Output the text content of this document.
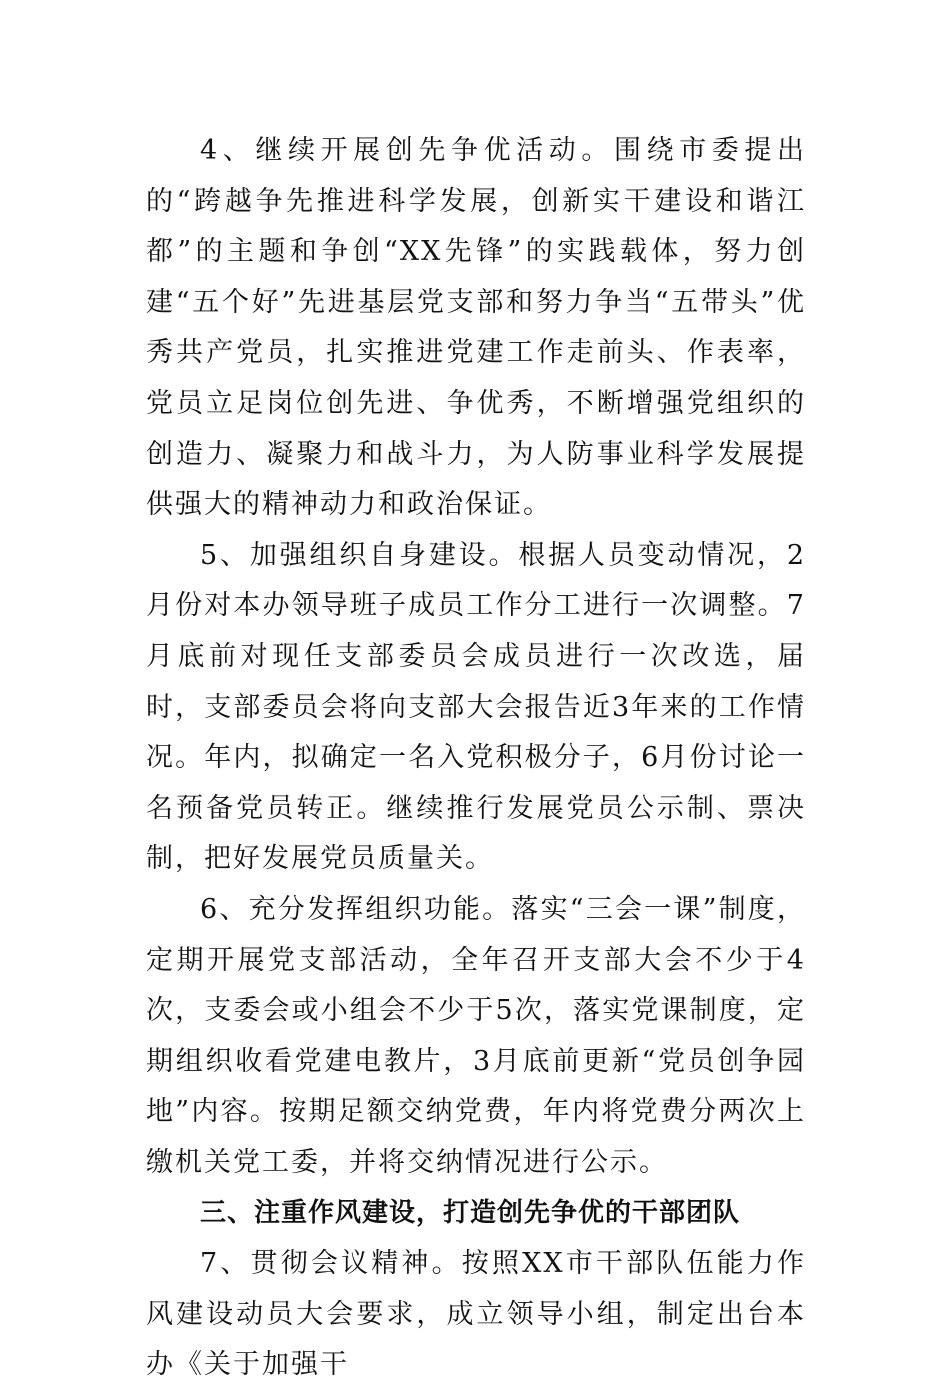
4、继续开展创先争优活动。围绕市委提出的“跨越争先推进科学发展，创新实干建设和谐江都”的主题和争创“XX先锋”的实践载体，努力创建“五个好”先进基层党支部和努力争当“五带头”优秀共产党员，扎实推进党建工作走前头、作表率，党员立足岗位创先进、争优秀，不断增强党组织的创造力、凝聚力和战斗力，为人防事业科学发展提供强大的精神动力和政治保证。

5、加强组织自身建设。根据人员变动情况，2月份对本办领导班子成员工作分工进行一次调整。7月底前对现任支部委员会成员进行一次改选，届时，支部委员会将向支部大会报告近3年来的工作情况。年内，拟确定一名入党积极分子，6月份讨论一名预备党员转正。继续推行发展党员公示制、票决制，把好发展党员质量关。

6、充分发挥组织功能。落实“三会一课”制度，定期开展党支部活动，全年召开支部大会不少于4次，支委会或小组会不少于5次，落实党课制度，定期组织收看党建电教片，3月底前更新“党员创争园地”内容。按期足额交纳党费，年内将党费分两次上缴机关党工委，并将交纳情况进行公示。

三、注重作风建设，打造创先争优的干部团队

7、贯彻会议精神。按照XX市干部队伍能力作风建设动员大会要求，成立领导小组，制定出台本办《关于加强干
